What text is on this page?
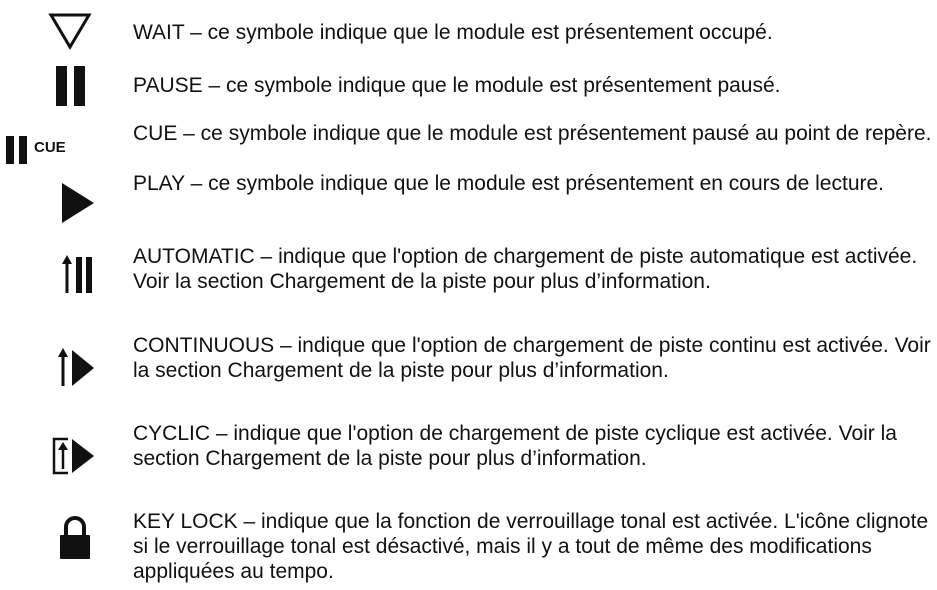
WAIT – ce symbole indique que le module est présentement occupé.

PAUSE – ce symbole indique que le module est présentement pausé.

CUE

CUE – ce symbole indique que le module est présentement pausé au point de repère.

PLAY – ce symbole indique que le module est présentement en cours de lecture.

AUTOMATIC – indique que l'option de chargement de piste automatique est activée. Voir la section Chargement de la piste pour plus d’information.

CONTINUOUS – indique que l'option de chargement de piste continu est activée. Voir la section Chargement de la piste pour plus d’information.

CYCLIC – indique que l'option de chargement de piste cyclique est activée. Voir la section Chargement de la piste pour plus d’information.

KEY LOCK – indique que la fonction de verrouillage tonal est activée. L'icône clignote si le verrouillage tonal est désactivé, mais il y a tout de même des modifications appliquées au tempo.
